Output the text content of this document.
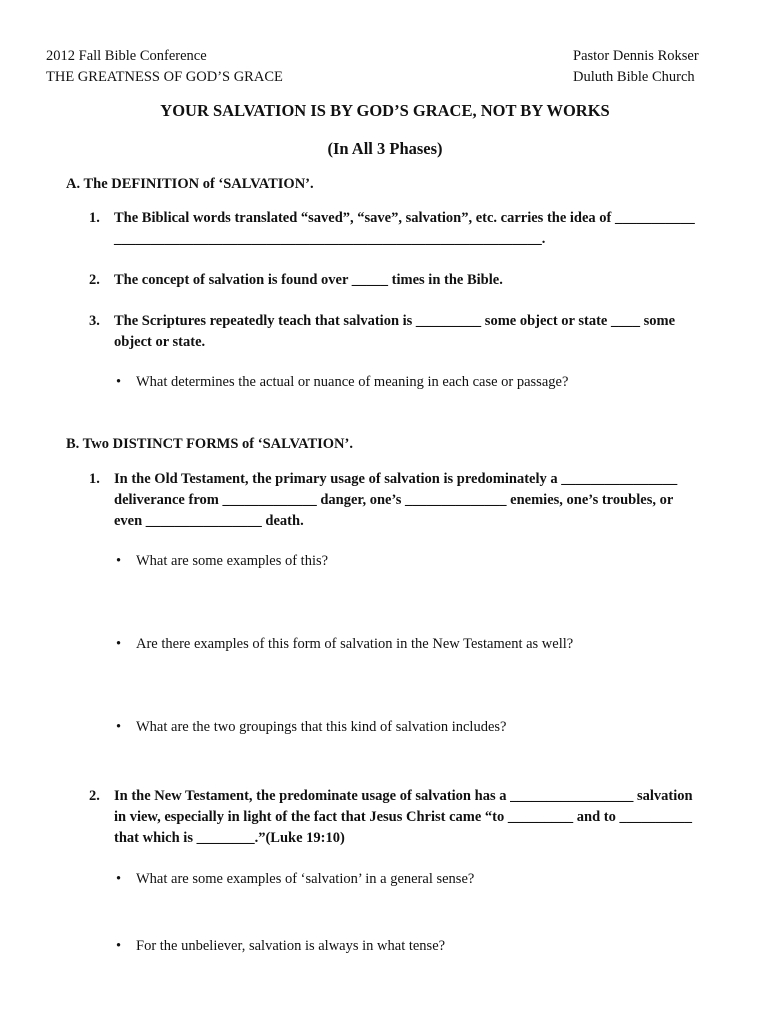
2012 Fall Bible Conference
THE GREATNESS OF GOD’S GRACE
Pastor Dennis Rokser
Duluth Bible Church
YOUR SALVATION IS BY GOD’S GRACE, NOT BY WORKS
(In All 3 Phases)
A. The DEFINITION of ‘SALVATION’.
1. The Biblical words translated “saved”, “save”, salvation”, etc. carries the idea of ___________
___________________________________________________________.
2. The concept of salvation is found over _____ times in the Bible.
3. The Scriptures repeatedly teach that salvation is _________ some object or state ____ some
object or state.
• What determines the actual or nuance of meaning in each case or passage?
B. Two DISTINCT FORMS of ‘SALVATION’.
1. In the Old Testament, the primary usage of salvation is predominately a ________________
deliverance from _____________ danger, one’s ______________ enemies, one’s troubles, or
even ________________ death.
• What are some examples of this?
• Are there examples of this form of salvation in the New Testament as well?
• What are the two groupings that this kind of salvation includes?
2. In the New Testament, the predominate usage of salvation has a _________________ salvation
in view, especially in light of the fact that Jesus Christ came “to _________ and to __________
that which is ________.”(Luke 19:10)
• What are some examples of ‘salvation’ in a general sense?
• For the unbeliever, salvation is always in what tense?
